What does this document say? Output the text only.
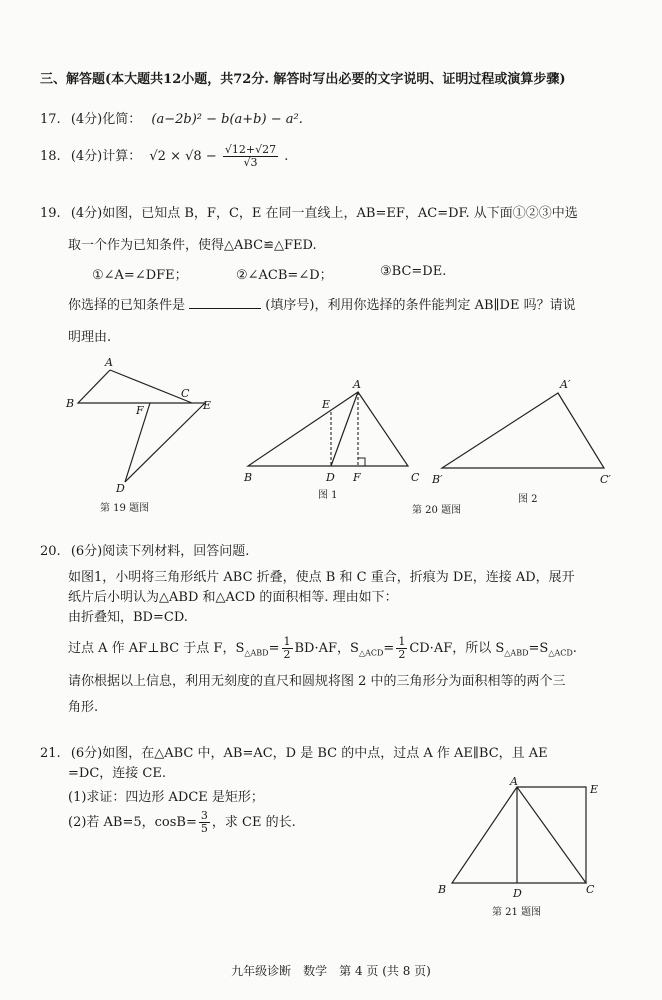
三、解答题(本大题共12小题，共72分. 解答时写出必要的文字说明、证明过程或演算步骤)
17. (4分)化简： (a−2b)² − b(a+b) − a².
18. (4分)计算： $√2 \times √8 - \frac{√12+√27}{√3}$ .
19. (4分)如图，已知点 B，F，C，E 在同一直线上，AB=EF，AC=DF. 从下面①②③中选
取一个作为已知条件，使得△ABC≌△FED.
①∠A=∠DFE；	②∠ACB=∠D；	③BC=DE.
你选择的已知条件是	(填序号)，利用你选择的条件能判定 AB∥DE 吗？请说
明理由.
A
B
C
E
F
D
第 19 题图
A
B	C
D
E
F
图 1
A′
B′	C′
图 2
第 20 题图
20. (6分)阅读下列材料，回答问题.
如图1，小明将三角形纸片 ABC 折叠，使点 B 和 C 重合，折痕为 DE，连接 AD，展开
纸片后小明认为△ABD 和△ACD 的面积相等. 理由如下：
由折叠知，BD=CD.
过点 A 作 AF⊥BC 于点 F，$S_{\triangle ABD}= \frac{1}{2} BD\cdot AF$，$S_{\triangle ACD}= \frac{1}{2} CD\cdot AF$，所以 $S_{\triangle ABD}=S_{\triangle ACD}$.
请你根据以上信息，利用无刻度的直尺和圆规将图 2 中的三角形分为面积相等的两个三
角形.
21. (6分)如图，在△ABC 中，AB=AC，D 是 BC 的中点，过点 A 作 AE∥BC，且 AE
=DC，连接 CE.
(1)求证：四边形 ADCE 是矩形；
(2)若 AB=5，$\cos B= \frac{3}{5}$ ，求 CE 的长.
A
E
B	D	C
第 21 题图
九年级诊断　数学　第 4 页 (共 8 页)
